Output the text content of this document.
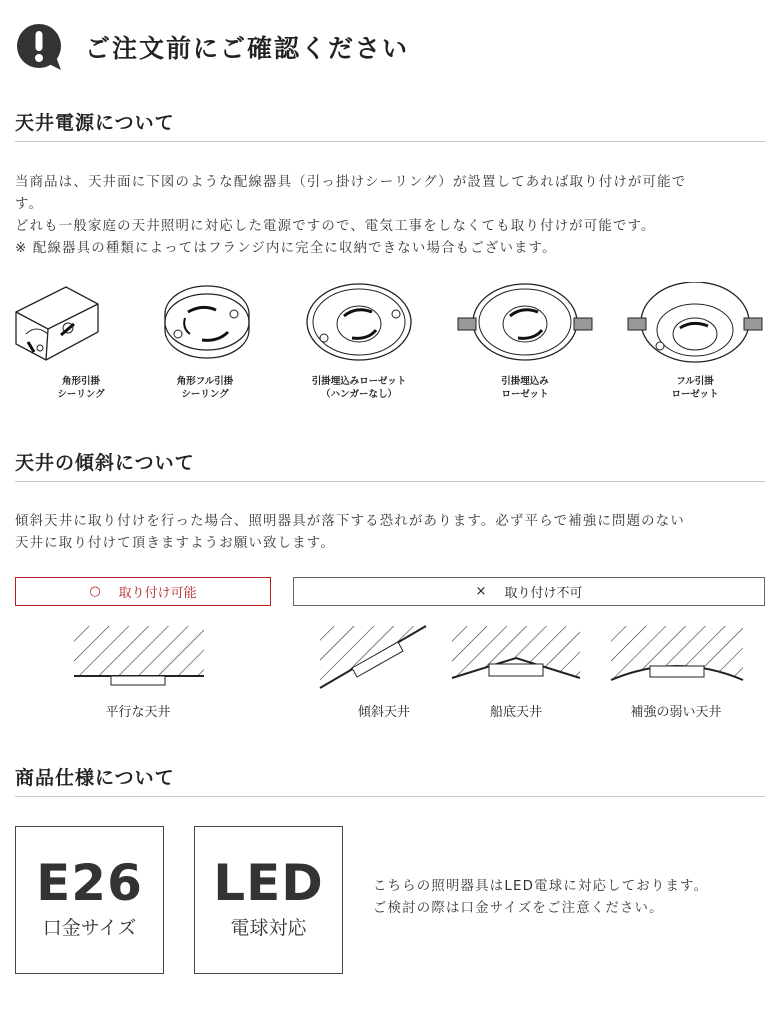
ご注文前にご確認ください
天井電源について

当商品は、天井面に下図のような配線器具（引っ掛けシーリング）が設置してあれば取り付けが可能で

す。

どれも一般家庭の天井照明に対応した電源ですので、電気工事をしなくても取り付けが可能です。

※ 配線器具の種類によってはフランジ内に完全に収納できない場合もございます。

角形引掛
シーリング
角形フル引掛
シーリング
引掛埋込みローゼット
（ハンガーなし）
引掛埋込み
ローゼット
フル引掛
ローゼット
天井の傾斜について

傾斜天井に取り付けを行った場合、照明器具が落下する恐れがあります。必ず平らで補強に問題のない

天井に取り付けて頂きますようお願い致します。

○ 取り付け可能	× 取り付け不可
平行な天井	傾斜天井	船底天井	補強の弱い天井
商品仕様について
E26
口金サイズ
LED
電球対応

こちらの照明器具はLED電球に対応しております。

ご検討の際は口金サイズをご注意ください。
